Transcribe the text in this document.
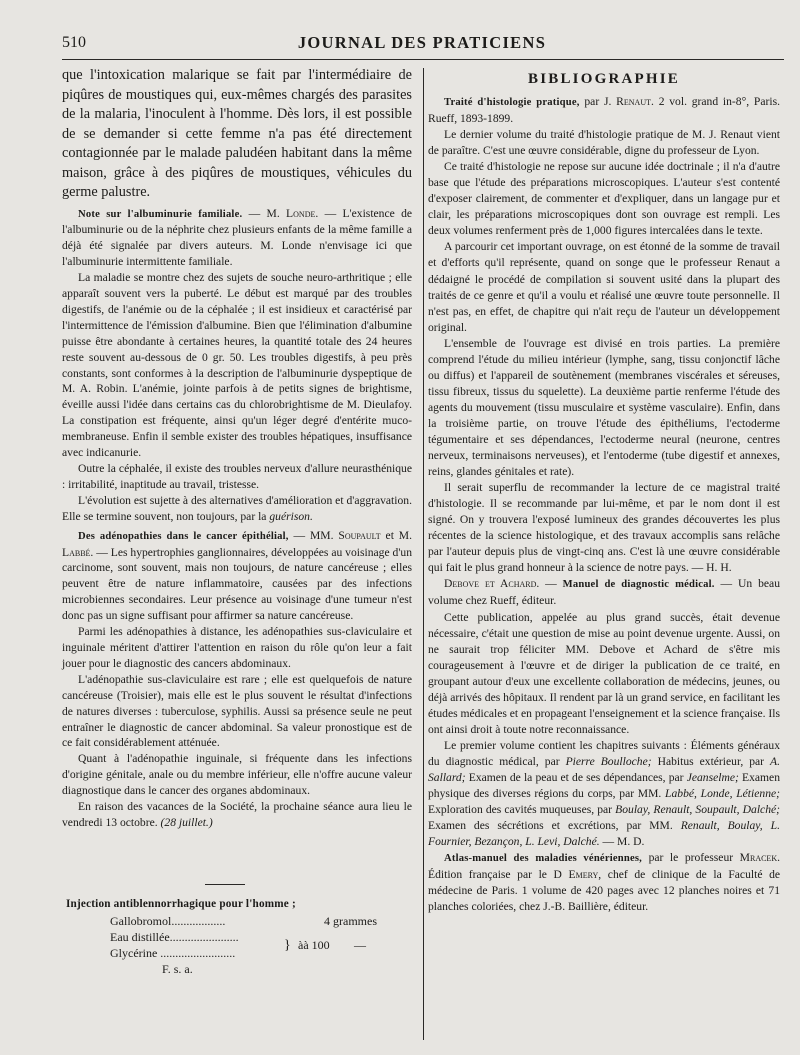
510	JOURNAL DES PRATICIENS

que l'intoxication malarique se fait par l'intermédiaire de piqûres de moustiques qui, eux-mêmes chargés des parasites de la malaria, l'inoculent à l'homme. Dès lors, il est possible de se demander si cette femme n'a pas été directement contagionnée par le malade paludéen habitant dans la même maison, grâce à des piqûres de moustiques, véhicules du germe palustre.

Note sur l'albuminurie familiale. — M. Londe. — L'existence de l'albuminurie ou de la néphrite chez plusieurs enfants de la même famille a déjà été signalée par divers auteurs. M. Londe n'envisage ici que l'albuminurie intermittente familiale.

La maladie se montre chez des sujets de souche neuro-arthritique ; elle apparaît souvent vers la puberté. Le début est marqué par des troubles digestifs, de l'anémie ou de la céphalée ; il est insidieux et caractérisé par l'intermittence de l'émission d'albumine. Bien que l'élimination d'albumine puisse être abondante à certaines heures, la quantité totale des 24 heures reste souvent au-dessous de 0 gr. 50. Les troubles digestifs, à peu près constants, sont conformes à la description de l'albuminurie dyspeptique de M. A. Robin. L'anémie, jointe parfois à de petits signes de brightisme, éveille aussi l'idée dans certains cas du chlorobrightisme de M. Dieulafoy. La constipation est fréquente, ainsi qu'un léger degré d'entérite muco-membraneuse. Enfin il semble exister des troubles hépatiques, insuffisance avec indicanurie.

Outre la céphalée, il existe des troubles nerveux d'allure neurasthénique : irritabilité, inaptitude au travail, tristesse.

L'évolution est sujette à des alternatives d'amélioration et d'aggravation. Elle se termine souvent, non toujours, par la guérison.

Des adénopathies dans le cancer épithélial, — MM. Soupault et M. Labbé. — Les hypertrophies ganglionnaires, développées au voisinage d'un carcinome, sont souvent, mais non toujours, de nature cancéreuse ; elles peuvent être de nature inflammatoire, causées par des infections microbiennes secondaires. Leur présence au voisinage d'une tumeur n'est donc pas un signe suffisant pour affirmer sa nature cancéreuse.

Parmi les adénopathies à distance, les adénopathies sus-claviculaire et inguinale méritent d'attirer l'attention en raison du rôle qu'on leur a fait jouer pour le diagnostic des cancers abdominaux.

L'adénopathie sus-claviculaire est rare ; elle est quelquefois de nature cancéreuse (Troisier), mais elle est le plus souvent le résultat d'infections de natures diverses : tuberculose, syphilis. Aussi sa présence seule ne peut entraîner le diagnostic de cancer abdominal. Sa valeur pronostique est de ce fait considérablement atténuée.

Quant à l'adénopathie inguinale, si fréquente dans les infections d'origine génitale, anale ou du membre inférieur, elle n'offre aucune valeur diagnostique dans le cancer des organes abdominaux.

En raison des vacances de la Société, la prochaine séance aura lieu le vendredi 13 octobre. (28 juillet.)

Injection antiblennorrhagique pour l'homme ;

Gallobromol..................	4 grammes
Eau distillée.......................
} àà 100 —
Glycérine .........................
F. s. a.
BIBLIOGRAPHIE

Traité d'histologie pratique, par J. Renaut. 2 vol. grand in-8°, Paris. Rueff, 1893-1899.

Le dernier volume du traité d'histologie pratique de M. J. Renaut vient de paraître. C'est une œuvre considérable, digne du professeur de Lyon.

Ce traité d'histologie ne repose sur aucune idée doctrinale ; il n'a d'autre base que l'étude des préparations microscopiques. L'auteur s'est contenté d'exposer clairement, de commenter et d'expliquer, dans un langage pur et clair, les préparations microscopiques dont son ouvrage est rempli. Les deux volumes renferment près de 1,000 figures intercalées dans le texte.

A parcourir cet important ouvrage, on est étonné de la somme de travail et d'efforts qu'il représente, quand on songe que le professeur Renaut a dédaigné le procédé de compilation si souvent usité dans la plupart des traités de ce genre et qu'il a voulu et réalisé une œuvre toute personnelle. Il n'est pas, en effet, de chapitre qui n'ait reçu de l'auteur un développement original.

L'ensemble de l'ouvrage est divisé en trois parties. La première comprend l'étude du milieu intérieur (lymphe, sang, tissu conjonctif lâche ou diffus) et l'appareil de soutènement (membranes viscérales et séreuses, tissu fibreux, tissus du squelette). La deuxième partie renferme l'étude des agents du mouvement (tissu musculaire et système vasculaire). Enfin, dans la troisième partie, on trouve l'étude des épithéliums, l'ectoderme tégumentaire et ses dépendances, l'ectoderme neural (neurone, centres nerveux, terminaisons nerveuses), et l'entoderme (tube digestif et annexes, reins, glandes génitales et rate).

Il serait superflu de recommander la lecture de ce magistral traité d'histologie. Il se recommande par lui-même, et par le nom dont il est signé. On y trouvera l'exposé lumineux des grandes découvertes les plus récentes de la science histologique, et des travaux accomplis sans relâche par l'auteur depuis plus de vingt-cinq ans. C'est là une œuvre considérable qui fait le plus grand honneur à la science de notre pays. — H. H.

Debove et Achard. — Manuel de diagnostic médical. — Un beau volume chez Rueff, éditeur.

Cette publication, appelée au plus grand succès, était devenue nécessaire, c'était une question de mise au point devenue urgente. Aussi, on ne saurait trop féliciter MM. Debove et Achard de s'être mis courageusement à l'œuvre et de diriger la publication de ce traité, en groupant autour d'eux une excellente collaboration de médecins, jeunes, ou déjà arrivés des hôpitaux. Il rendent par là un grand service, en facilitant les études médicales et en propageant l'enseignement et la science française. Ils ont ainsi droit à toute notre reconnaissance.

Le premier volume contient les chapitres suivants : Éléments généraux du diagnostic médical, par Pierre Boulloche; Habitus extérieur, par A. Sallard; Examen de la peau et de ses dépendances, par Jeanselme; Examen physique des diverses régions du corps, par MM. Labbé, Londe, Létienne; Exploration des cavités muqueuses, par Boulay, Renault, Soupault, Dalché; Examen des sécrétions et excrétions, par MM. Renault, Boulay, L. Fournier, Bezançon, L. Levi, Dalché. — M. D.

Atlas-manuel des maladies vénériennes, par le professeur Mracek. Édition française par le D Emery, chef de clinique de la Faculté de médecine de Paris. 1 volume de 420 pages avec 12 planches noires et 71 planches coloriées, chez J.-B. Baillière, éditeur.
